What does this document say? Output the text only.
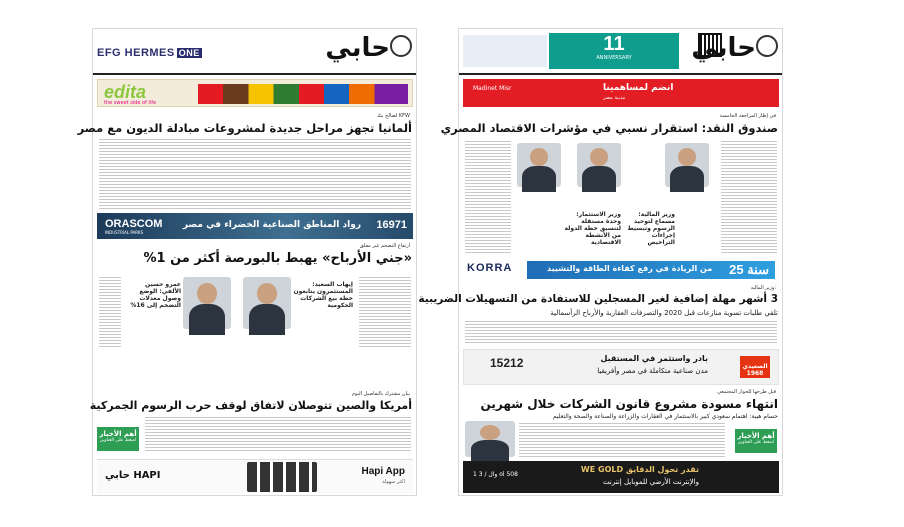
EFG HERMES ONE	حابي
edita
the sweet side of life
لصالح بنك KFW
ألمانيا تجهز مراحل جديدة لمشروعات مبادلة الديون مع مصر
ORASCOM
INDUSTRIAL PARKS
رواد المناطق الصناعية الخضراء في مصر 16971
ارتفاع التضخم غير مقلق
«جني الأرباح» يهبط بالبورصة أكثر من 1%
إيهاب السعيد: المستثمرون يتابعون خطة بيع الشركات الحكومية
عمرو حسين الألفي: الوضع وصول معدلات التضخم إلى 16%
بيان مشترك بالتفاصيل اليوم
أمريكا والصين تتوصلان لاتفاق لوقف حرب الرسوم الجمركية
أهم الأخبار
اضغط على العناوين
حابي HAPI	Hapi App
اكتر سهولة
11
ANNIVERSARY	حابي
Madinet Misr	انضم لمساهمينا
مدينة مصر
في إطار المراجعة الخامسة
صندوق النقد: استقرار نسبي في مؤشرات الاقتصاد المصري
وزير المالية: مسماع لتوحيد الرسوم وتبسيط إجراءات التراخيص
وزير الاستثمار: وحدة مستقلة لتنسيق خطة الدولة من الأنشطة الاقتصادية
KORRA	من الريادة في رفع كفاءة الطاقة والتشييد 25 سنة
وزير المالية:
3 أشهر مهلة إضافية لغير المسجلين للاستفادة من التسهيلات الضريبية
تلقي طلبات تسوية منازعات قبل 2020 والتصرفات العقارية والأرباح الرأسمالية
15212	بادر واستثمر في المستقبل
مدن صناعية متكاملة في مصر وأفريقيا
الصعيدي 1968
قبل طرحها للحوار المجتمعي
انتهاء مسودة مشروع قانون الشركات خلال شهرين
حسام هيبة: اهتمام سعودي كبير بالاستثمار في العقارات والزراعة والصناعة والصحة والتعليم
أهم الأخبار
اضغط على العناوين
1 وال / 3 ol 508
WE GOLD تقدر تحول الدقايق
والإنترنت الأرضي للموبايل إنترنت
